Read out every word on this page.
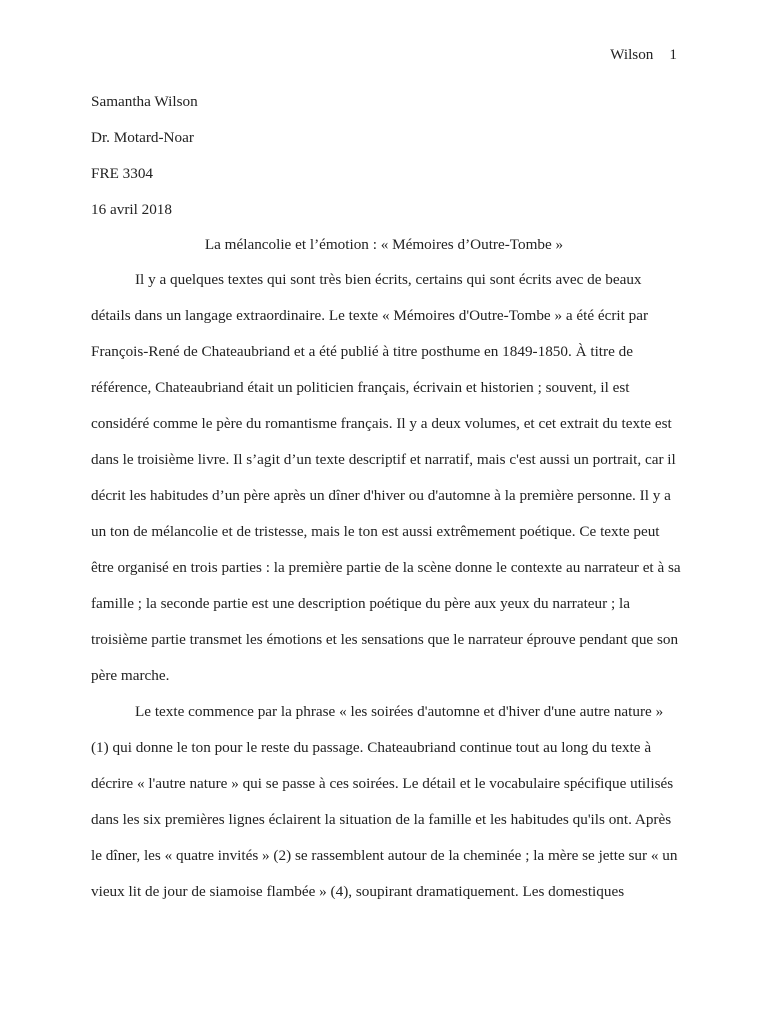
Wilson 1
Samantha Wilson
Dr. Motard-Noar
FRE 3304
16 avril 2018
La mélancolie et l’émotion : « Mémoires d’Outre-Tombe »
Il y a quelques textes qui sont très bien écrits, certains qui sont écrits avec de beaux
détails dans un langage extraordinaire. Le texte « Mémoires d'Outre-Tombe » a été écrit par
François-René de Chateaubriand et a été publié à titre posthume en 1849-1850. À titre de
référence, Chateaubriand était un politicien français, écrivain et historien ; souvent, il est
considéré comme le père du romantisme français. Il y a deux volumes, et cet extrait du texte est
dans le troisième livre. Il s’agit d’un texte descriptif et narratif, mais c'est aussi un portrait, car il
décrit les habitudes d’un père après un dîner d'hiver ou d'automne à la première personne. Il y a
un ton de mélancolie et de tristesse, mais le ton est aussi extrêmement poétique. Ce texte peut
être organisé en trois parties : la première partie de la scène donne le contexte au narrateur et à sa
famille ; la seconde partie est une description poétique du père aux yeux du narrateur ; la
troisième partie transmet les émotions et les sensations que le narrateur éprouve pendant que son
père marche.
Le texte commence par la phrase « les soirées d'automne et d'hiver d'une autre nature »
(1) qui donne le ton pour le reste du passage. Chateaubriand continue tout au long du texte à
décrire « l'autre nature » qui se passe à ces soirées. Le détail et le vocabulaire spécifique utilisés
dans les six premières lignes éclairent la situation de la famille et les habitudes qu'ils ont. Après
le dîner, les « quatre invités » (2) se rassemblent autour de la cheminée ; la mère se jette sur « un
vieux lit de jour de siamoise flambée » (4), soupirant dramatiquement. Les domestiques
